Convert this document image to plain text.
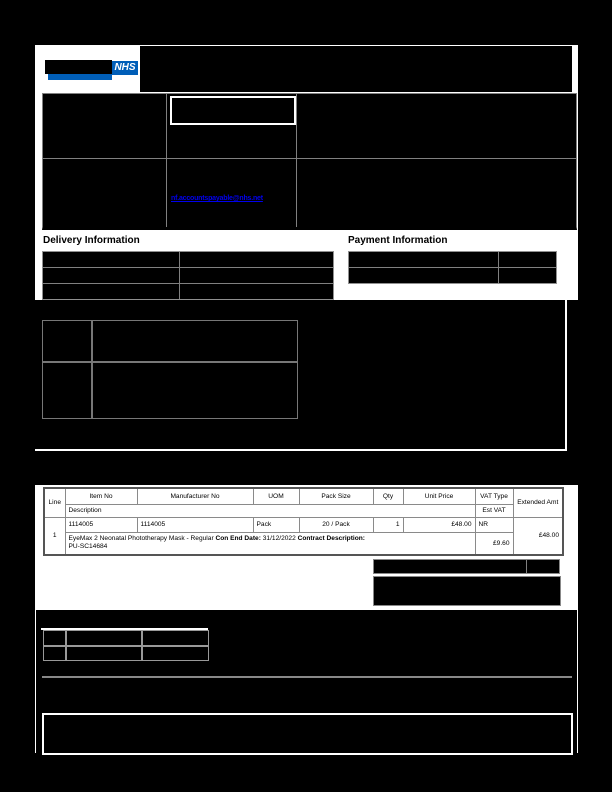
NHS
nf.accountspayable@nhs.net
Delivery Information	Payment Information
Line	Item No	Manufacturer No	UOM	Pack Size	Qty	Unit Price	VAT Type	Extended Amt
	Description						Est VAT	
1	1114005	1114005	Pack	20 / Pack	1	£48.00	NR	£48.00
	EyeMax 2 Neonatal Phototherapy Mask - Regular Con End Date: 31/12/2022 Contract Description:
PU-SC14684						£9.60	
